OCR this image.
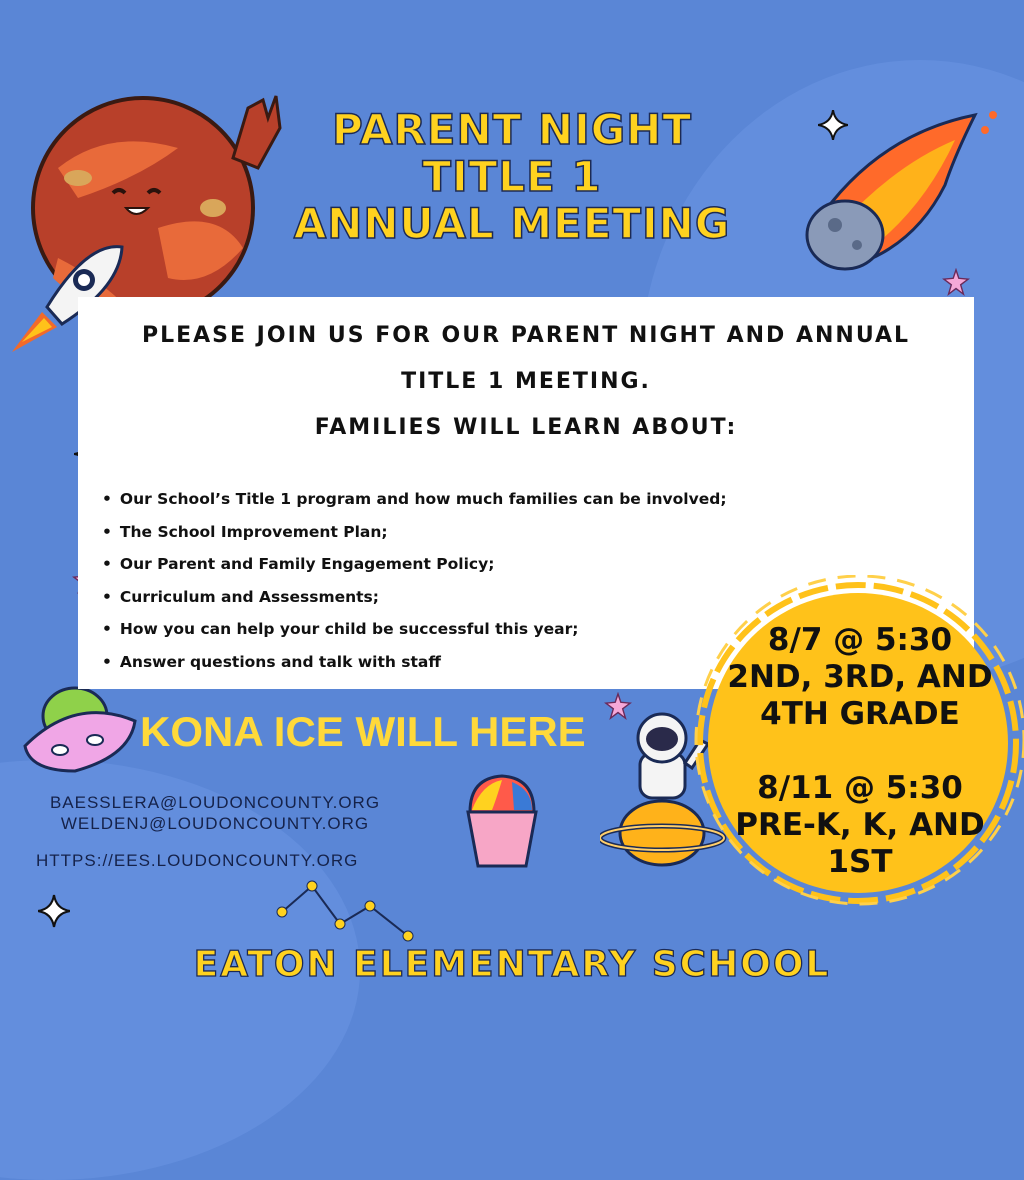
PARENT NIGHT
TITLE 1
ANNUAL MEETING
PLEASE JOIN US FOR OUR PARENT NIGHT AND ANNUAL
TITLE 1 MEETING.
FAMILIES WILL LEARN ABOUT:
• Our School’s Title 1 program and how much families can be involved;
• The School Improvement Plan;
• Our Parent and Family Engagement Policy;
• Curriculum and Assessments;
• How you can help your child be successful this year;
• Answer questions and talk with staff
8/7 @ 5:30
2ND, 3RD, AND
4TH GRADE
8/11 @ 5:30
PRE-K, K, AND
1ST
KONA ICE WILL HERE
BAESSLERA@LOUDONCOUNTY.ORG
WELDENJ@LOUDONCOUNTY.ORG
HTTPS://EES.LOUDONCOUNTY.ORG
EATON ELEMENTARY SCHOOL
